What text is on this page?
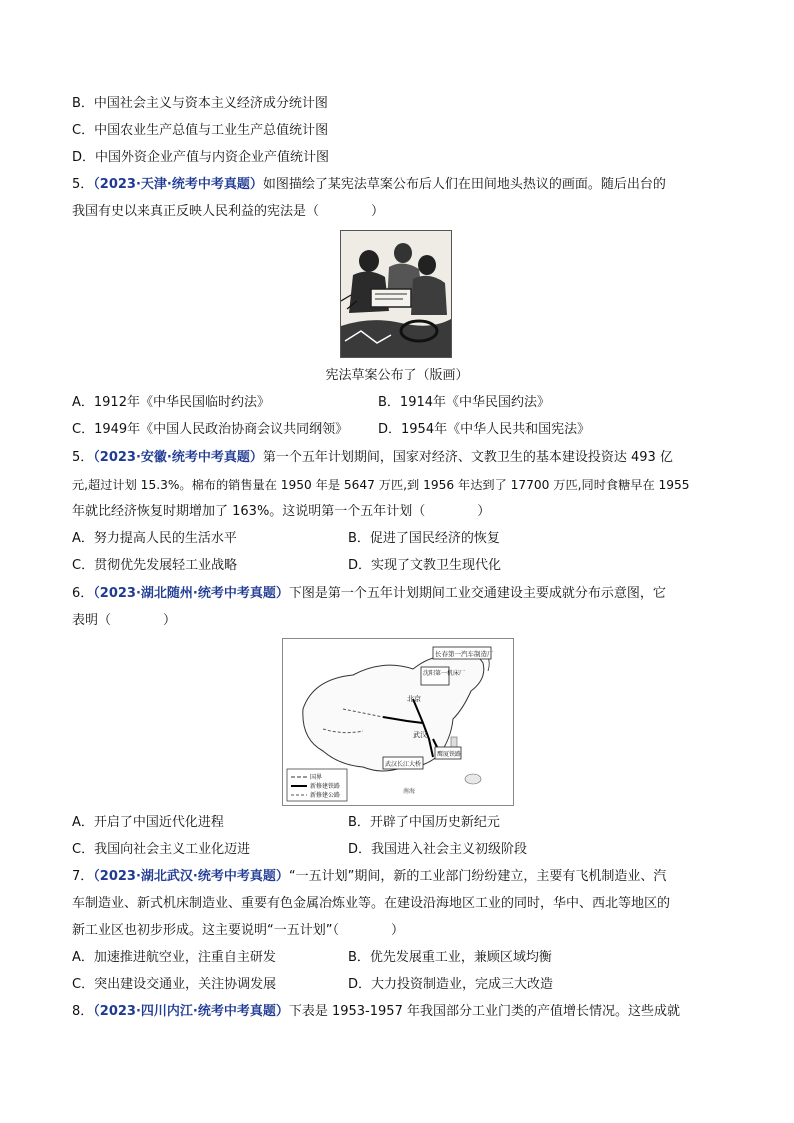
B．中国社会主义与资本主义经济成分统计图
C．中国农业生产总值与工业生产总值统计图
D．中国外资企业产值与内资企业产值统计图
5．（2023·天津·统考中考真题）如图描绘了某宪法草案公布后人们在田间地头热议的画面。随后出台的
我国有史以来真正反映人民利益的宪法是（　　　　）
宪法草案公布了（版画）
A．1912年《中华民国临时约法》	B．1914年《中华民国约法》
C．1949年《中国人民政治协商会议共同纲领》 D．1954年《中华人民共和国宪法》
5．（2023·安徽·统考中考真题）第一个五年计划期间，国家对经济、文教卫生的基本建设投资达 493 亿
元,超过计划 15.3%。棉布的销售量在 1950 年是 5647 万匹,到 1956 年达到了 17700 万匹,同时食糖早在 1955
年就比经济恢复时期增加了 163%。这说明第一个五年计划（　　　　）
A．努力提高人民的生活水平	B．促进了国民经济的恢复
C．贯彻优先发展轻工业战略	D．实现了文教卫生现代化
6．（2023·湖北随州·统考中考真题）下图是第一个五年计划期间工业交通建设主要成就分布示意图，它
表明（　　　　）
长春第一汽车制造厂
沈阳第一机床厂
北京
武汉
武汉长江大桥
鹰厦铁路
南海
国界
新修建铁路
新修建公路
A．开启了中国近代化进程	B．开辟了中国历史新纪元
C．我国向社会主义工业化迈进	D．我国进入社会主义初级阶段
7．（2023·湖北武汉·统考中考真题）“一五计划”期间，新的工业部门纷纷建立，主要有飞机制造业、汽
车制造业、新式机床制造业、重要有色金属冶炼业等。在建设沿海地区工业的同时，华中、西北等地区的
新工业区也初步形成。这主要说明“一五计划”（　　　　）
A．加速推进航空业，注重自主研发	B．优先发展重工业，兼顾区域均衡
C．突出建设交通业，关注协调发展	D．大力投资制造业，完成三大改造
8．（2023·四川内江·统考中考真题）下表是 1953-1957 年我国部分工业门类的产值增长情况。这些成就
